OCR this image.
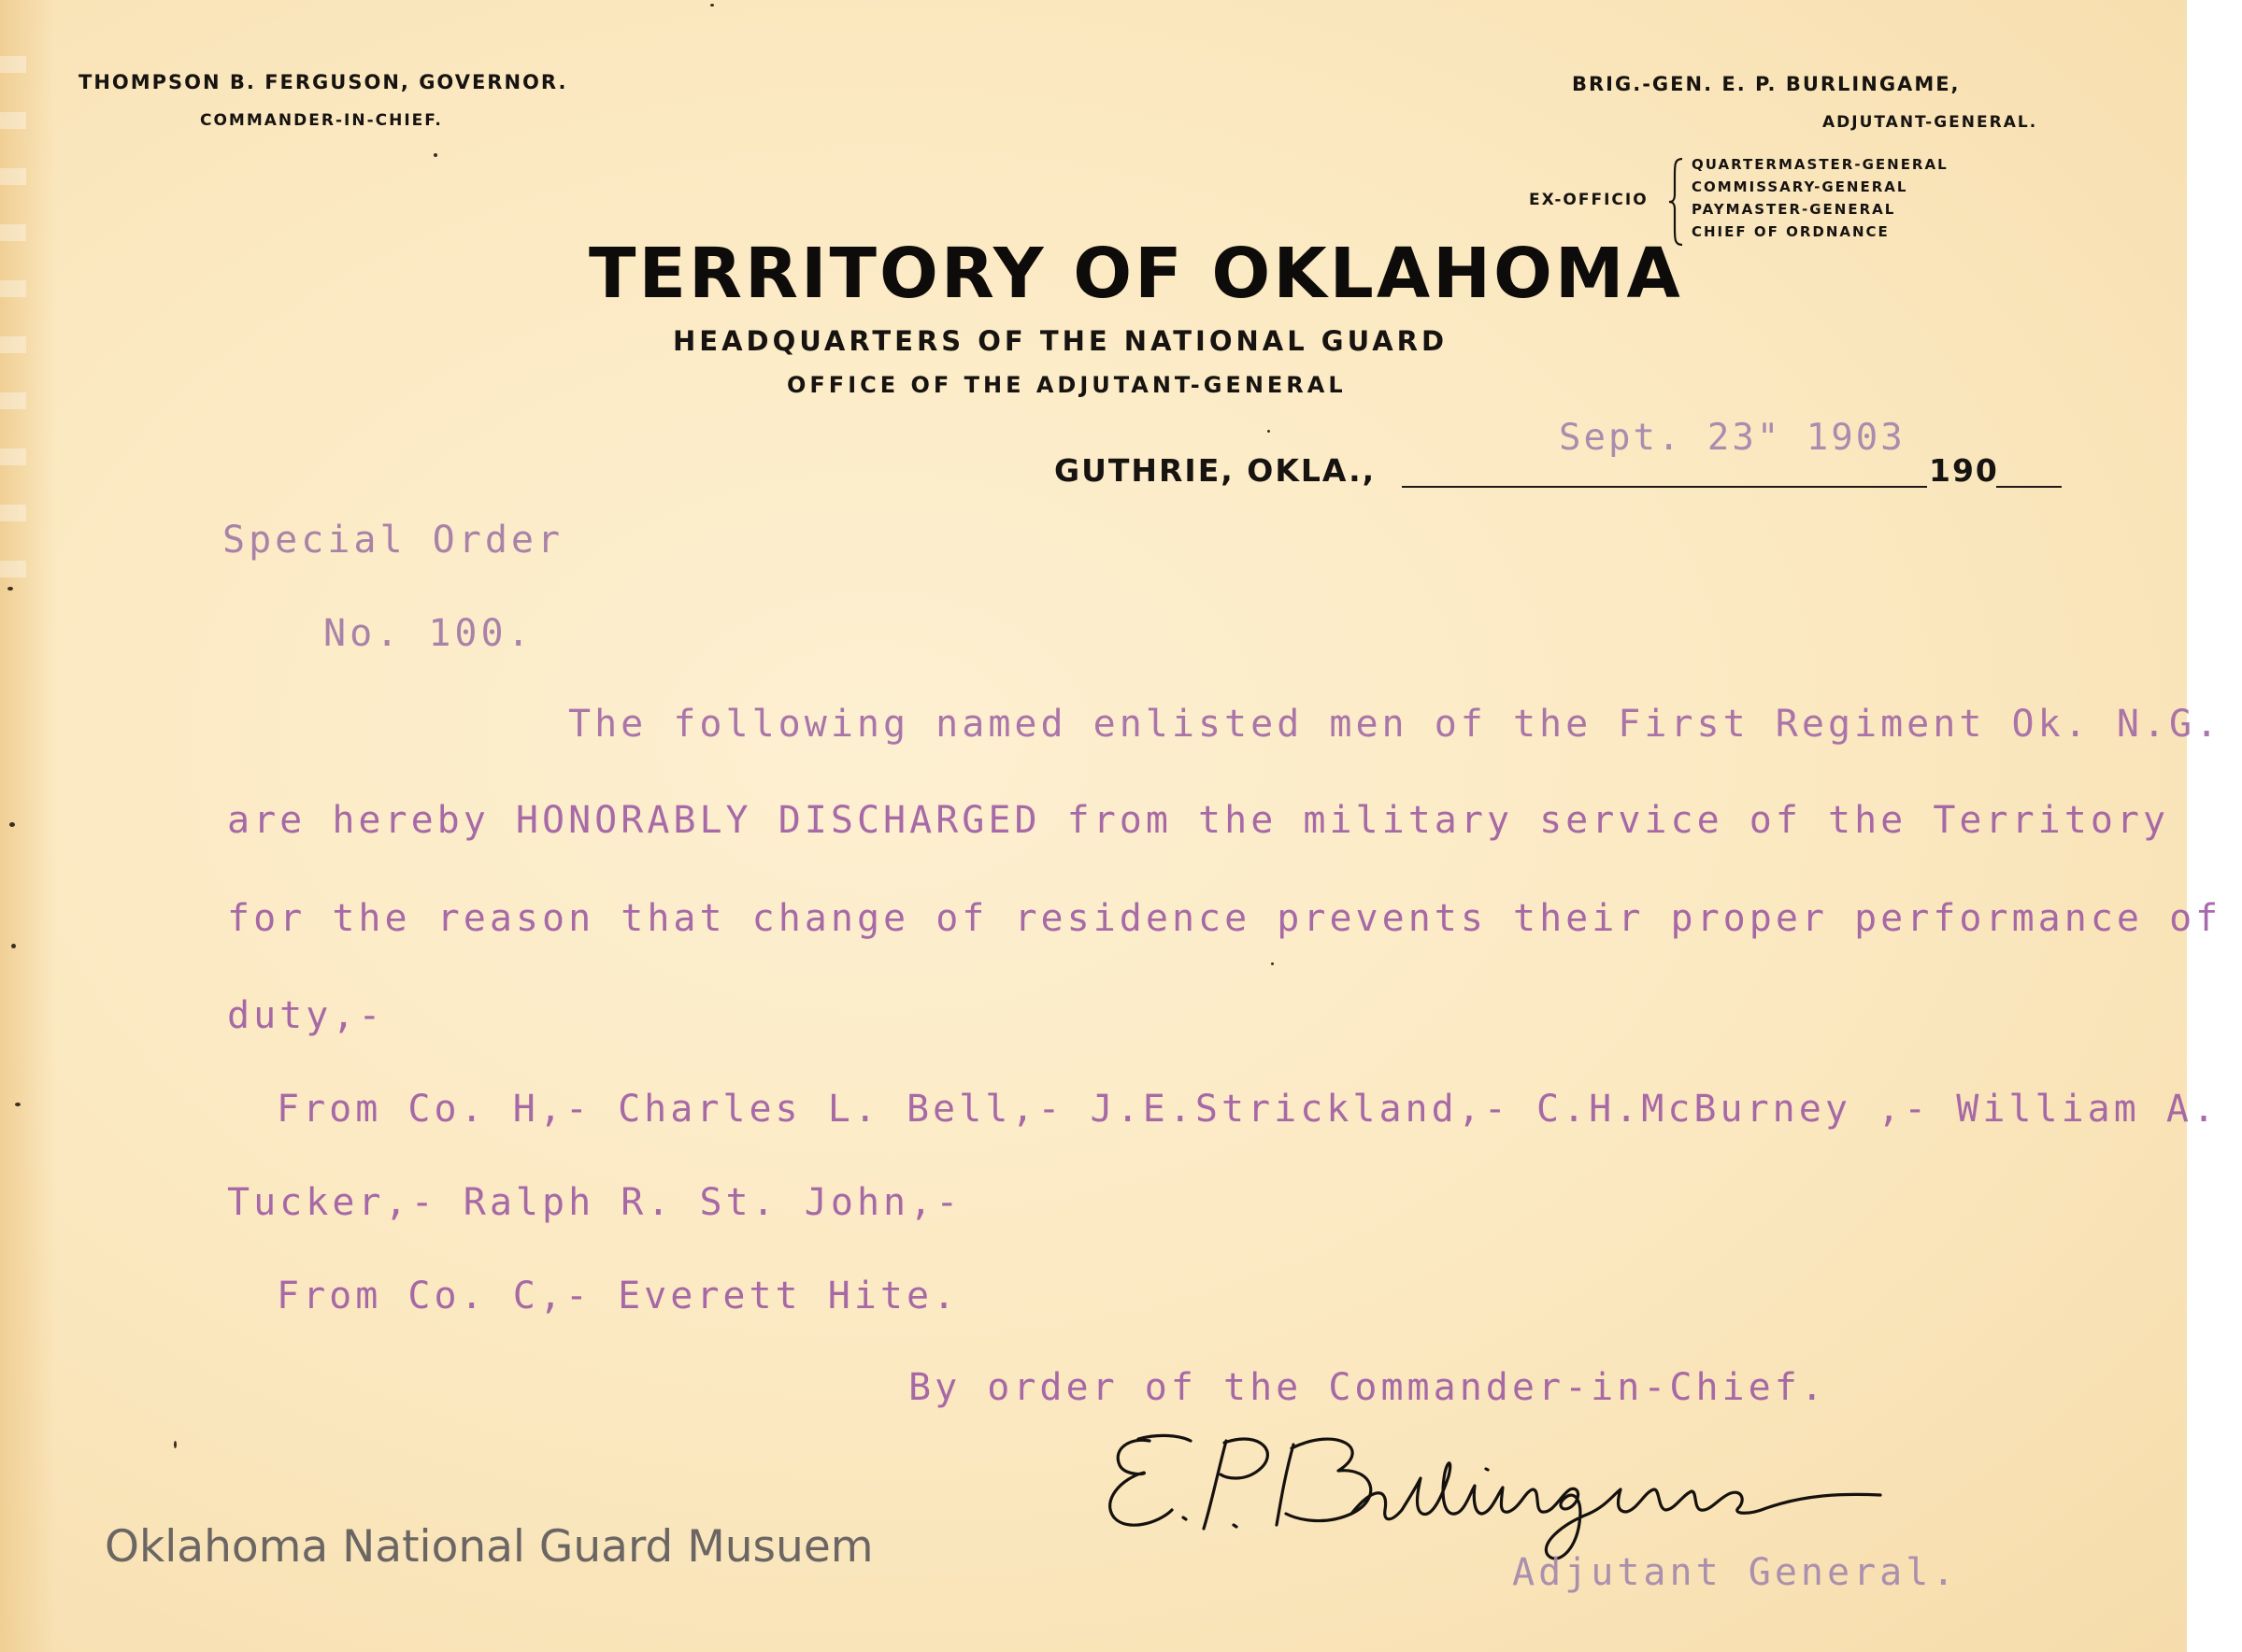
THOMPSON B. FERGUSON, GOVERNOR.
COMMANDER-IN-CHIEF.
BRIG.-GEN. E. P. BURLINGAME,
ADJUTANT-GENERAL.
EX-OFFICIO
QUARTERMASTER-GENERAL
COMMISSARY-GENERAL
PAYMASTER-GENERAL
CHIEF OF ORDNANCE
TERRITORY OF OKLAHOMA
HEADQUARTERS OF THE NATIONAL GUARD
OFFICE OF THE ADJUTANT-GENERAL
GUTHRIE, OKLA.,
Sept. 23" 1903
190
Special Order
No. 100.
The following named enlisted men of the First Regiment Ok. N.G.
are hereby HONORABLY DISCHARGED from the military service of the Territory
for the reason that change of residence prevents their proper performance of
duty,-
From Co. H,- Charles L. Bell,- J.E.Strickland,- C.H.McBurney ,- William A.
Tucker,- Ralph R. St. John,-
From Co. C,- Everett Hite.
By order of the Commander-in-Chief.
Adjutant General.
Oklahoma National Guard Musuem
